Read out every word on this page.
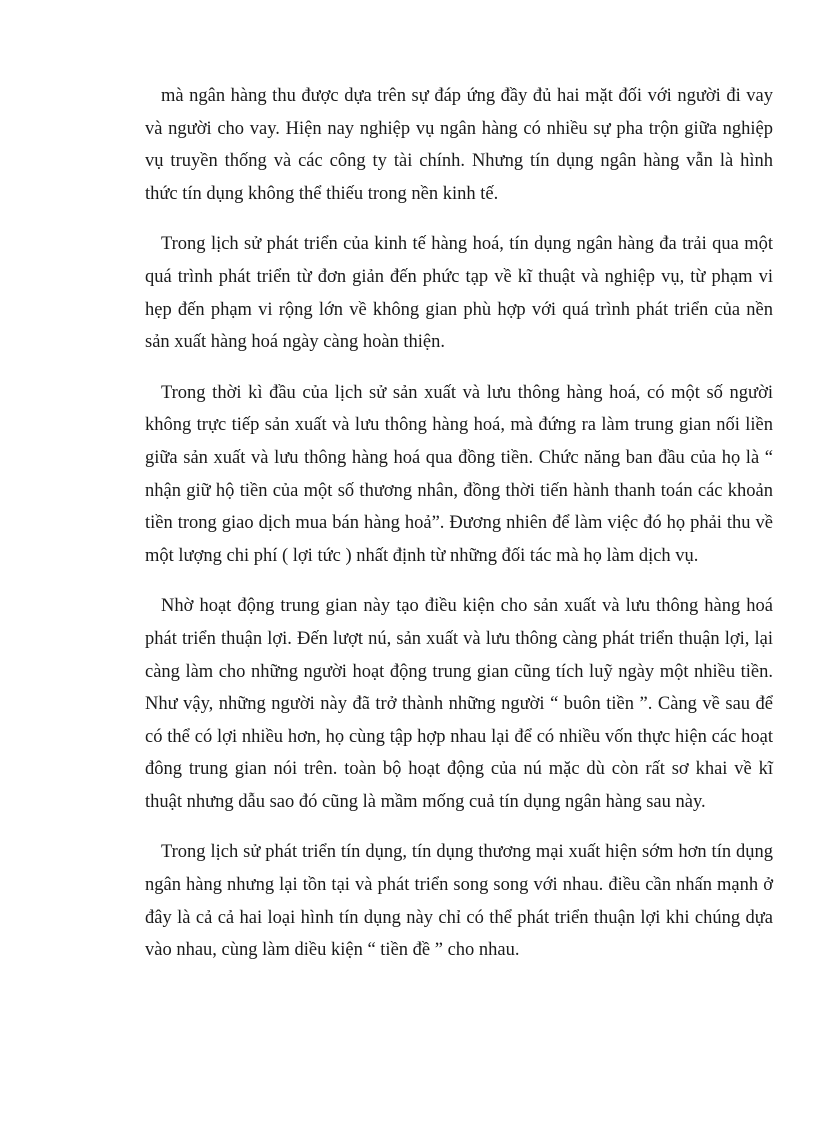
mà ngân hàng thu được dựa trên sự đáp ứng đầy đủ hai mặt đối với người đi vay và người cho vay. Hiện nay nghiệp vụ ngân hàng có nhiều sự pha trộn giữa nghiệp vụ truyền thống và các công ty tài chính. Nhưng tín dụng ngân hàng vẫn là hình thức tín dụng không thể thiếu trong nền kinh tế.

Trong lịch sử phát triển của kinh tế hàng hoá, tín dụng ngân hàng đa trải qua một quá trình phát triển từ đơn giản đến phức tạp về kĩ thuật và nghiệp vụ, từ phạm vi hẹp đến phạm vi rộng lớn về không gian phù hợp với quá trình phát triển của nền sản xuất hàng hoá ngày càng hoàn thiện.

Trong thời kì đầu của lịch sử sản xuất và lưu thông hàng hoá, có một số người không trực tiếp sản xuất và lưu thông hàng hoá, mà đứng ra làm trung gian nối liền giữa sản xuất và lưu thông hàng hoá qua đồng tiền. Chức năng ban đầu của họ là “ nhận giữ hộ tiền của một số thương nhân, đồng thời tiến hành thanh toán các khoản tiền trong giao dịch mua bán hàng hoả”. Đương nhiên để làm việc đó họ phải thu về một lượng chi phí ( lợi tức ) nhất định từ những đối tác mà họ làm dịch vụ.

Nhờ hoạt động trung gian này tạo điều kiện cho sản xuất và lưu thông hàng hoá phát triển thuận lợi. Đến lượt nú, sản xuất và lưu thông càng phát triển thuận lợi, lại càng làm cho những người hoạt động trung gian cũng tích luỹ ngày một nhiều tiền. Như vậy, những người này đã trở thành những người “ buôn tiền ”. Càng về sau để có thể có lợi nhiều hơn, họ cùng tập hợp nhau lại để có nhiều vốn thực hiện các hoạt đông trung gian nói trên. toàn bộ hoạt động của nú mặc dù còn rất sơ khai về kĩ thuật nhưng dẫu sao đó cũng là mầm mống cuả tín dụng ngân hàng sau này.

Trong lịch sử phát triển tín dụng, tín dụng thương mại xuất hiện sớm hơn tín dụng ngân hàng nhưng lại tồn tại và phát triển song song với nhau. điều cần nhấn mạnh ở đây là cả cả hai loại hình tín dụng này chỉ có thể phát triển thuận lợi khi chúng dựa vào nhau, cùng làm diều kiện “ tiền đề ” cho nhau.
